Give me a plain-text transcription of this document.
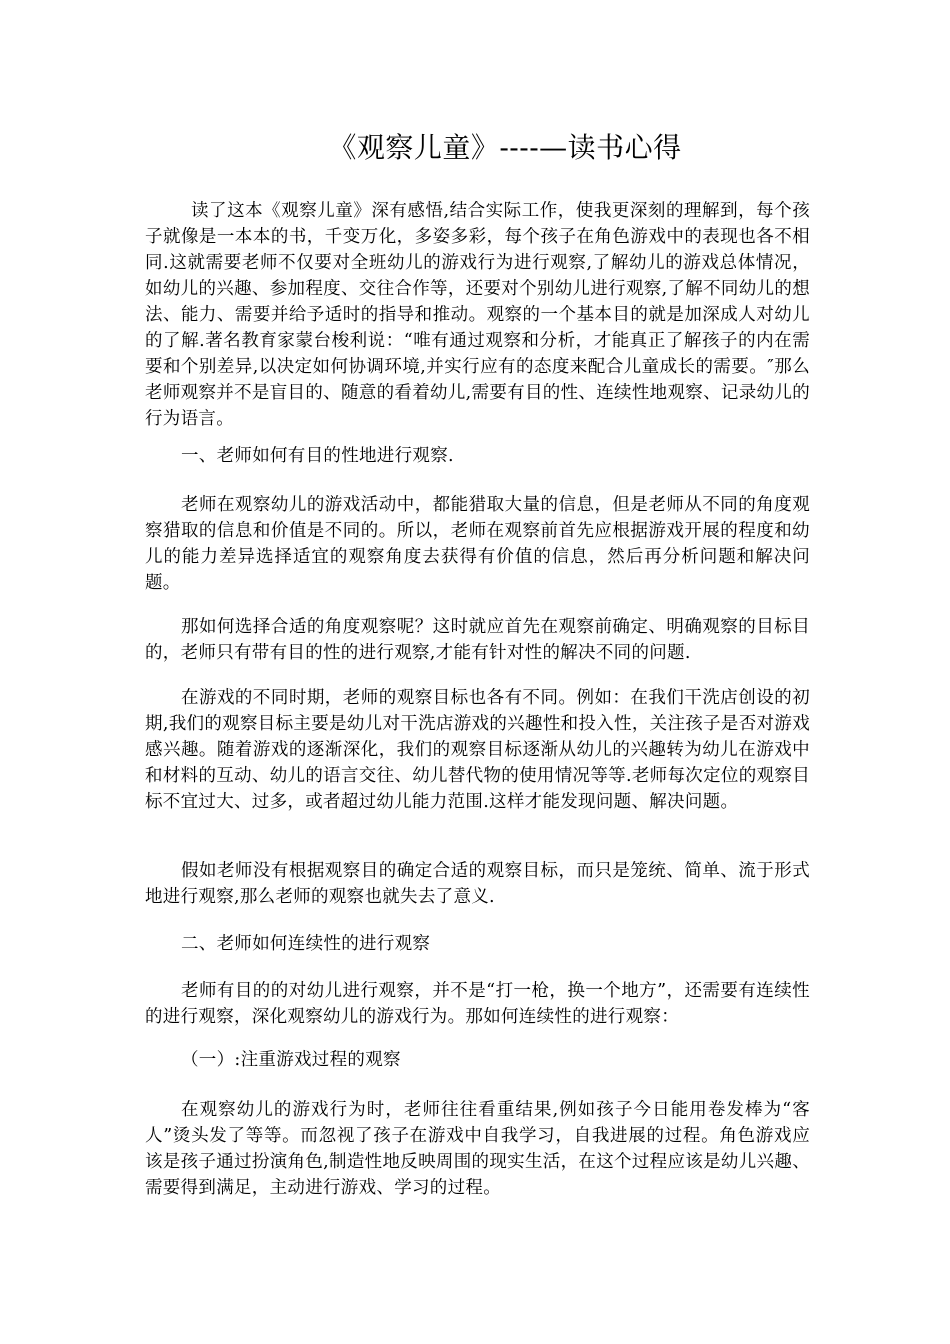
《观察儿童》----—读书心得

读了这本《观察儿童》深有感悟,结合实际工作，使我更深刻的理解到，每个孩子就像是一本本的书，千变万化，多姿多彩，每个孩子在角色游戏中的表现也各不相同.这就需要老师不仅要对全班幼儿的游戏行为进行观察,了解幼儿的游戏总体情况，如幼儿的兴趣、参加程度、交往合作等，还要对个别幼儿进行观察,了解不同幼儿的想法、能力、需要并给予适时的指导和推动。观察的一个基本目的就是加深成人对幼儿的了解.著名教育家蒙台梭利说：“唯有通过观察和分析，才能真正了解孩子的内在需要和个别差异,以决定如何协调环境,并实行应有的态度来配合儿童成长的需要。″那么老师观察并不是盲目的、随意的看着幼儿,需要有目的性、连续性地观察、记录幼儿的行为语言。

一、老师如何有目的性地进行观察.

老师在观察幼儿的游戏活动中，都能猎取大量的信息，但是老师从不同的角度观察猎取的信息和价值是不同的。所以，老师在观察前首先应根据游戏开展的程度和幼儿的能力差异选择适宜的观察角度去获得有价值的信息，然后再分析问题和解决问题。

那如何选择合适的角度观察呢？这时就应首先在观察前确定、明确观察的目标目的，老师只有带有目的性的进行观察,才能有针对性的解决不同的问题.

在游戏的不同时期，老师的观察目标也各有不同。例如：在我们干洗店创设的初期,我们的观察目标主要是幼儿对干洗店游戏的兴趣性和投入性，关注孩子是否对游戏感兴趣。随着游戏的逐渐深化，我们的观察目标逐渐从幼儿的兴趣转为幼儿在游戏中和材料的互动、幼儿的语言交往、幼儿替代物的使用情况等等.老师每次定位的观察目标不宜过大、过多，或者超过幼儿能力范围.这样才能发现问题、解决问题。

假如老师没有根据观察目的确定合适的观察目标，而只是笼统、简单、流于形式地进行观察,那么老师的观察也就失去了意义.

二、老师如何连续性的进行观察

老师有目的的对幼儿进行观察，并不是“打一枪，换一个地方”，还需要有连续性的进行观察，深化观察幼儿的游戏行为。那如何连续性的进行观察：

（一）:注重游戏过程的观察

在观察幼儿的游戏行为时，老师往往看重结果,例如孩子今日能用卷发棒为“客人”烫头发了等等。而忽视了孩子在游戏中自我学习，自我进展的过程。角色游戏应该是孩子通过扮演角色,制造性地反映周围的现实生活，在这个过程应该是幼儿兴趣、需要得到满足，主动进行游戏、学习的过程。
